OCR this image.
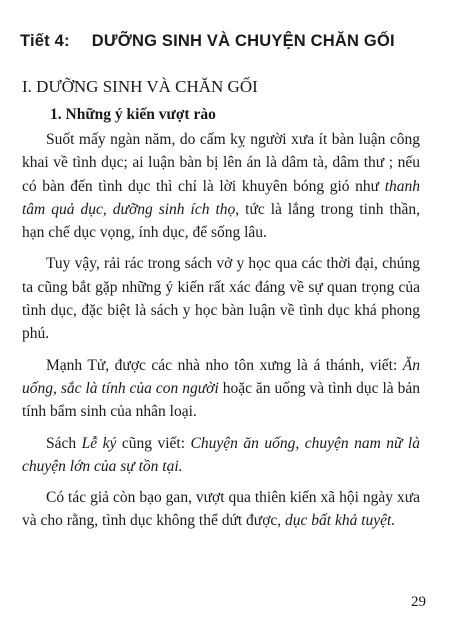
Tiết 4: DƯỠNG SINH VÀ CHUYỆN CHĂN GỐI
I. DƯỠNG SINH VÀ CHĂN GỐI
1. Những ý kiến vượt rào

Suốt mấy ngàn năm, do cấm kỵ người xưa ít bàn luận công khai về tình dục; ai luận bàn bị lên án là dâm tà, dâm thư ; nếu có bàn đến tình dục thì chỉ là lời khuyên bóng gió như thanh tâm quả dục, dưỡng sinh ích thọ, tức là lắng trong tinh thần, hạn chế dục vọng, ính dục, để sống lâu.

Tuy vậy, rải rác trong sách vở y học qua các thời đại, chúng ta cũng bắt gặp những ý kiến rất xác đáng về sự quan trọng của tình dục, đặc biệt là sách y học bàn luận về tình dục khá phong phú.

Mạnh Tử, được các nhà nho tôn xưng là á thánh, viết: Ăn uống, sắc là tính của con người hoặc ăn uống và tình dục là bản tính bẩm sinh của nhân loại.

Sách Lễ ký cũng viết: Chuyện ăn uống, chuyện nam nữ là chuyện lớn của sự tồn tại.

Có tác giả còn bạo gan, vượt qua thiên kiến xã hội ngày xưa và cho rằng, tình dục không thể dứt được, dục bất khả tuyệt.

29
